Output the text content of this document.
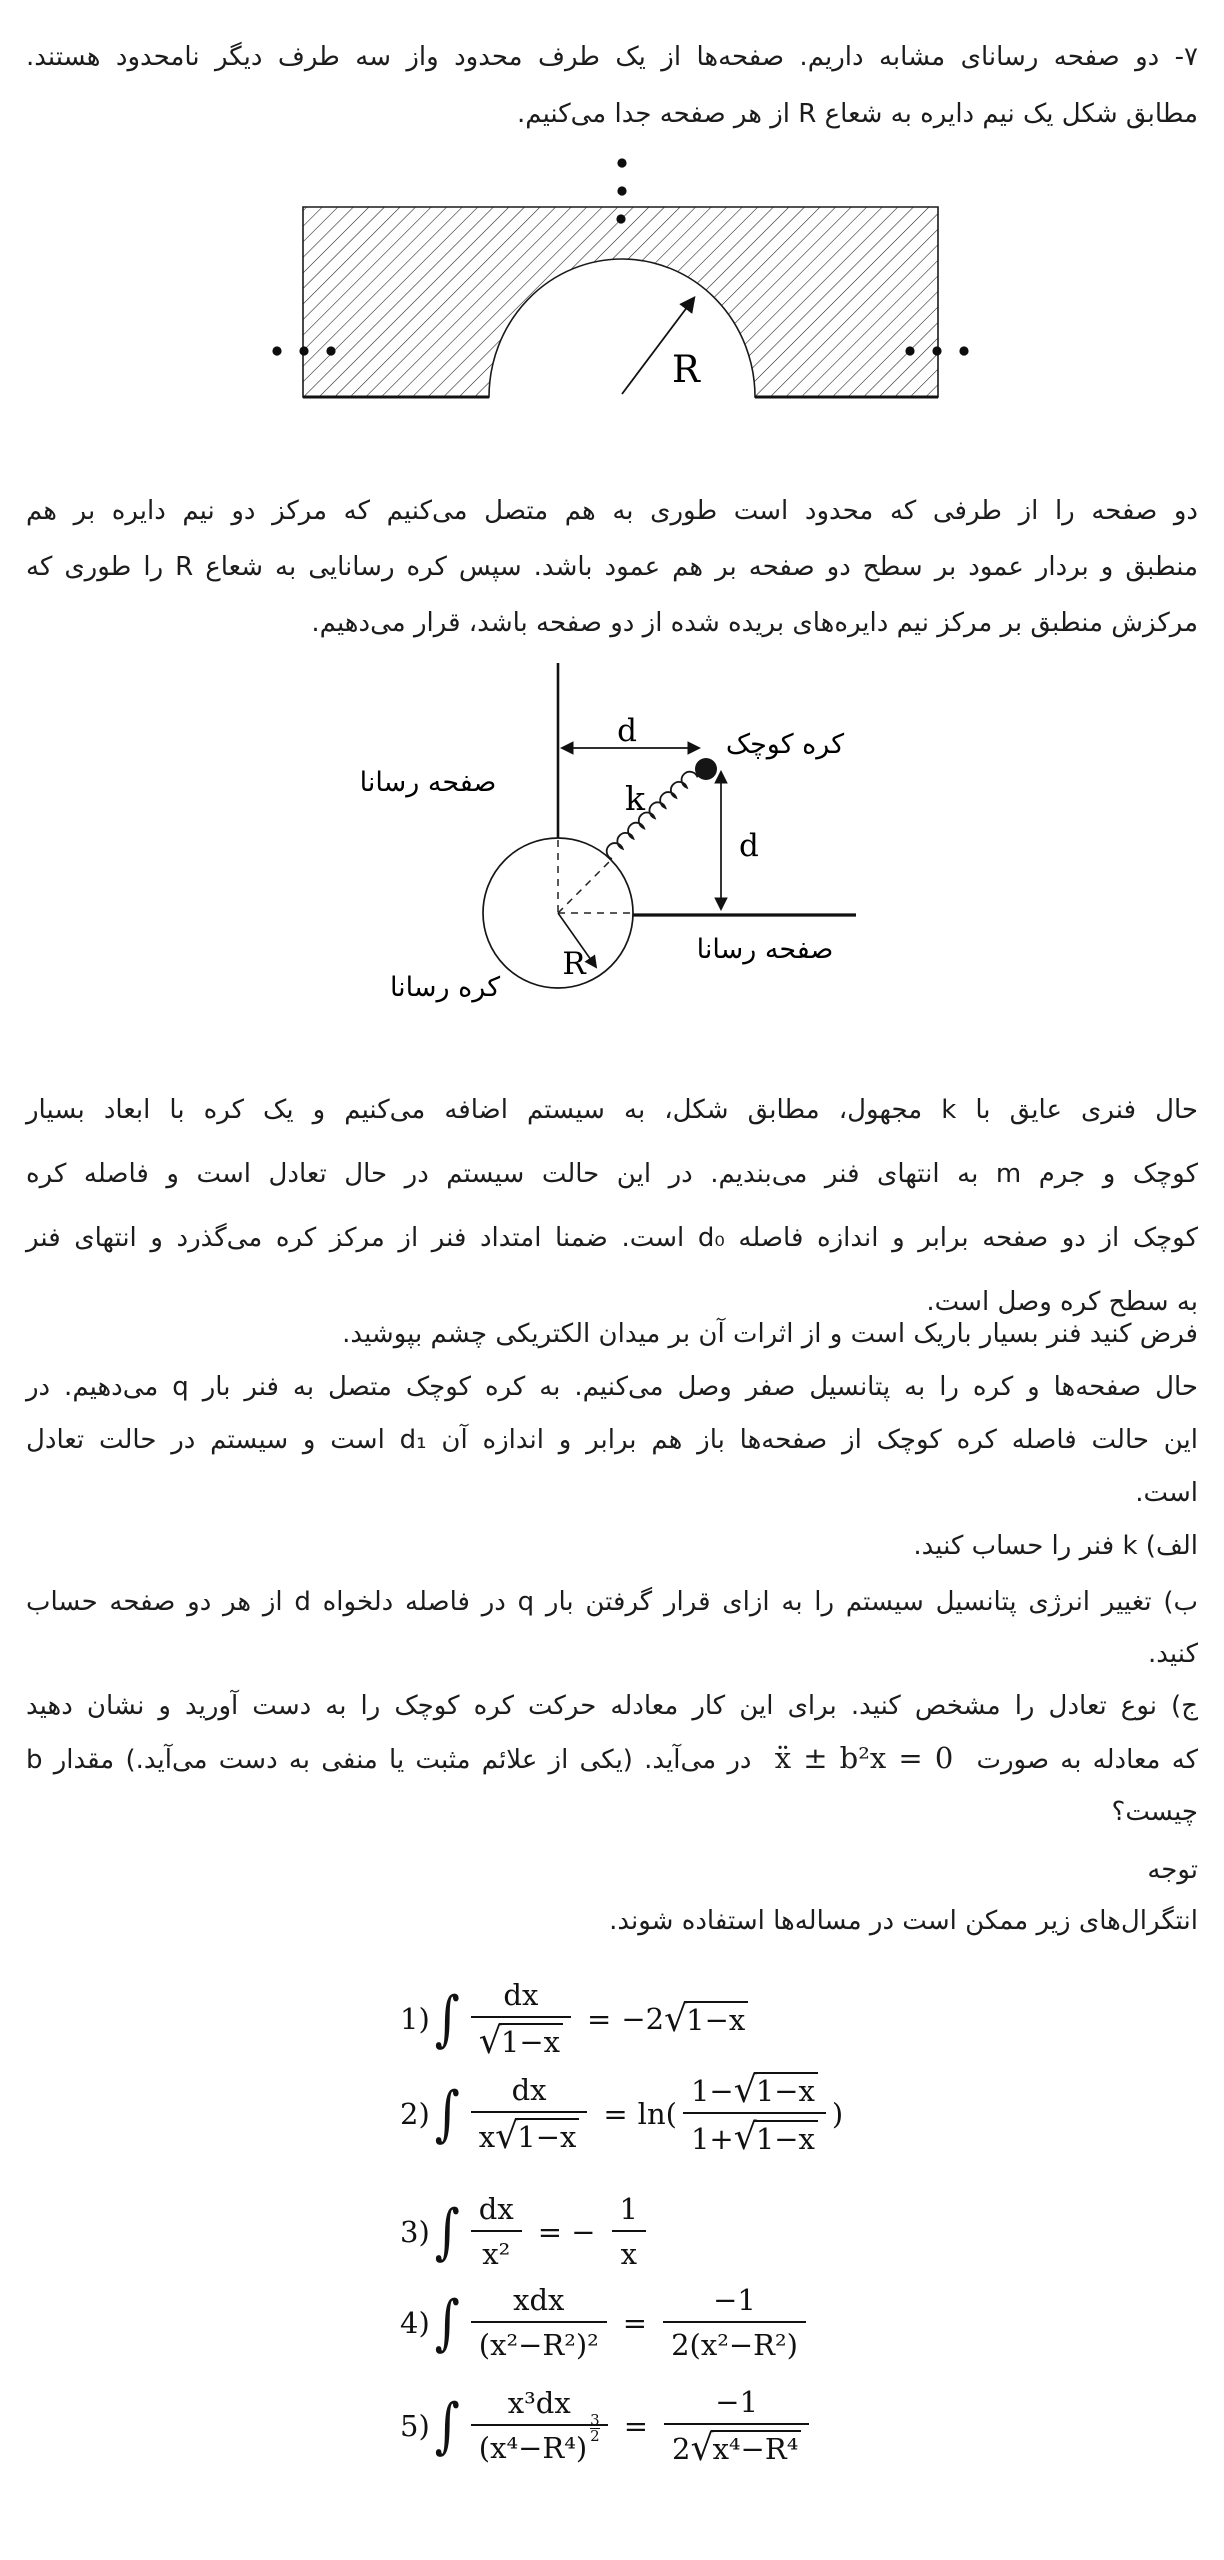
۷- دو صفحه رسانای مشابه داریم. صفحه‌ها از یک طرف محدود واز سه طرف دیگر نامحدود هستند.
مطابق شکل یک نیم دایره به شعاع R از هر صفحه جدا می‌کنیم.
R
دو صفحه را از طرفی که محدود است طوری به هم متصل می‌کنیم که مرکز دو نیم دایره بر هم
منطبق و بردار عمود بر سطح دو صفحه بر هم عمود باشد. سپس کره رسانایی به شعاع R را طوری که
مرکزش منطبق بر مرکز نیم دایره‌های بریده شده از دو صفحه باشد، قرار می‌دهیم.
d
d
k
R
کره کوچک
صفحه رسانا
صفحه رسانا
کره رسانا
حال فنری عایق با k مجهول، مطابق شکل، به سیستم اضافه می‌کنیم و یک کره با ابعاد بسیار
کوچک و جرم m به انتهای فنر می‌بندیم. در این حالت سیستم در حال تعادل است و فاصله کره
کوچک از دو صفحه برابر و اندازه فاصله d₀ است. ضمنا امتداد فنر از مرکز کره می‌گذرد و انتهای فنر
به سطح کره وصل است.
فرض کنید فنر بسیار باریک است و از اثرات آن بر میدان الکتریکی چشم بپوشید.
حال صفحه‌ها و کره را به پتانسیل صفر وصل می‌کنیم. به کره کوچک متصل به فنر بار q می‌دهیم. در
این حالت فاصله کره کوچک از صفحه‌ها باز هم برابر و اندازه آن d₁ است و سیستم در حالت تعادل
است.
الف) k فنر را حساب کنید.
ب) تغییر انرژی پتانسیل سیستم را به ازای قرار گرفتن بار q در فاصله دلخواه d از هر دو صفحه حساب
کنید.
ج) نوع تعادل را مشخص کنید. برای این کار معادله حرکت کره کوچک را به دست آورید و نشان دهید
که معادله به صورت ẍ ± b²x = 0 در می‌آید. (یکی از علائم مثبت یا منفی به دست می‌آید.) مقدار b
چیست؟
توجه
انتگرال‌های زیر ممکن است در مساله‌ها استفاده شوند.
1) ∫ $\frac{dx}{√ 1-x} = -2$ √ 1−x
2) ∫ $\frac{dx}{x √ 1-x} = \ln( \frac{1- √ 1-x}{1+ √ 1-x}$ )
3) ∫ $\frac{dx}{\text{x²}}$ = − $\frac{1}{x}$
4) ∫ $\frac{\text{xdx}}{\text{(x²−R²)²}} = \frac{-1}{\text{2(x²−R²)}}$
5) ∫ x³dx
(x⁴−R⁴)
3
$2 = \frac{-1}{\text{2 √ x⁴−R⁴}}$
